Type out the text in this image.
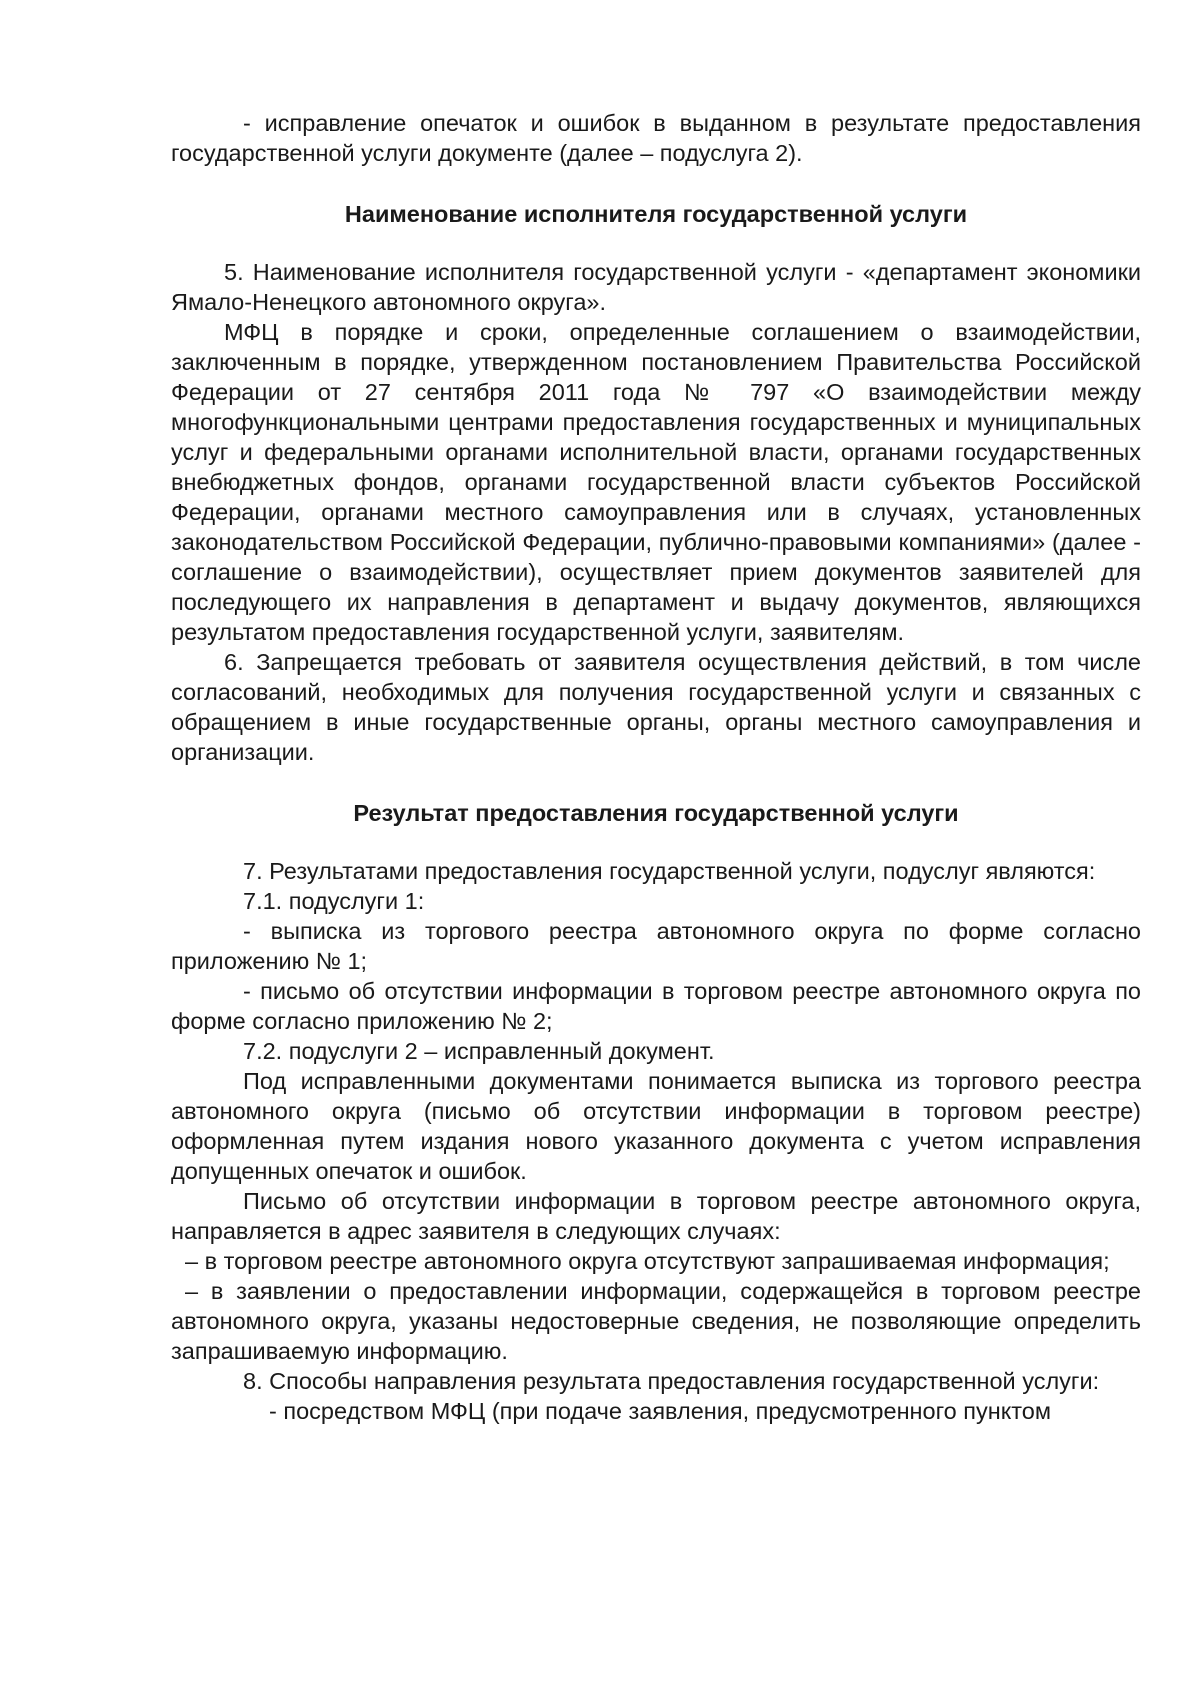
- исправление опечаток и ошибок в выданном в результате предоставления государственной услуги документе (далее – подуслуга 2).

Наименование исполнителя государственной услуги

5. Наименование исполнителя государственной услуги - «департамент экономики Ямало-Ненецкого автономного округа».

МФЦ в порядке и сроки, определенные соглашением о взаимодействии, заключенным в порядке, утвержденном постановлением Правительства Российской Федерации от 27 сентября 2011 года № 797 «О взаимодействии между многофункциональными центрами предоставления государственных и муниципальных услуг и федеральными органами исполнительной власти, органами государственных внебюджетных фондов, органами государственной власти субъектов Российской Федерации, органами местного самоуправления или в случаях, установленных законодательством Российской Федерации, публично-правовыми компаниями» (далее - соглашение о взаимодействии), осуществляет прием документов заявителей для последующего их направления в департамент и выдачу документов, являющихся результатом предоставления государственной услуги, заявителям.

6. Запрещается требовать от заявителя осуществления действий, в том числе согласований, необходимых для получения государственной услуги и связанных с обращением в иные государственные органы, органы местного самоуправления и организации.

Результат предоставления государственной услуги

7. Результатами предоставления государственной услуги, подуслуг являются:

7.1. подуслуги 1:

- выписка из торгового реестра автономного округа по форме согласно приложению № 1;

- письмо об отсутствии информации в торговом реестре автономного округа по форме согласно приложению № 2;

7.2. подуслуги 2 – исправленный документ.

Под исправленными документами понимается выписка из торгового реестра автономного округа (письмо об отсутствии информации в торговом реестре) оформленная путем издания нового указанного документа с учетом исправления допущенных опечаток и ошибок.

Письмо об отсутствии информации в торговом реестре автономного округа, направляется в адрес заявителя в следующих случаях:

– в торговом реестре автономного округа отсутствуют запрашиваемая информация;

– в заявлении о предоставлении информации, содержащейся в торговом реестре автономного округа, указаны недостоверные сведения, не позволяющие определить запрашиваемую информацию.

8. Способы направления результата предоставления государственной услуги:

- посредством МФЦ (при подаче заявления, предусмотренного пунктом
